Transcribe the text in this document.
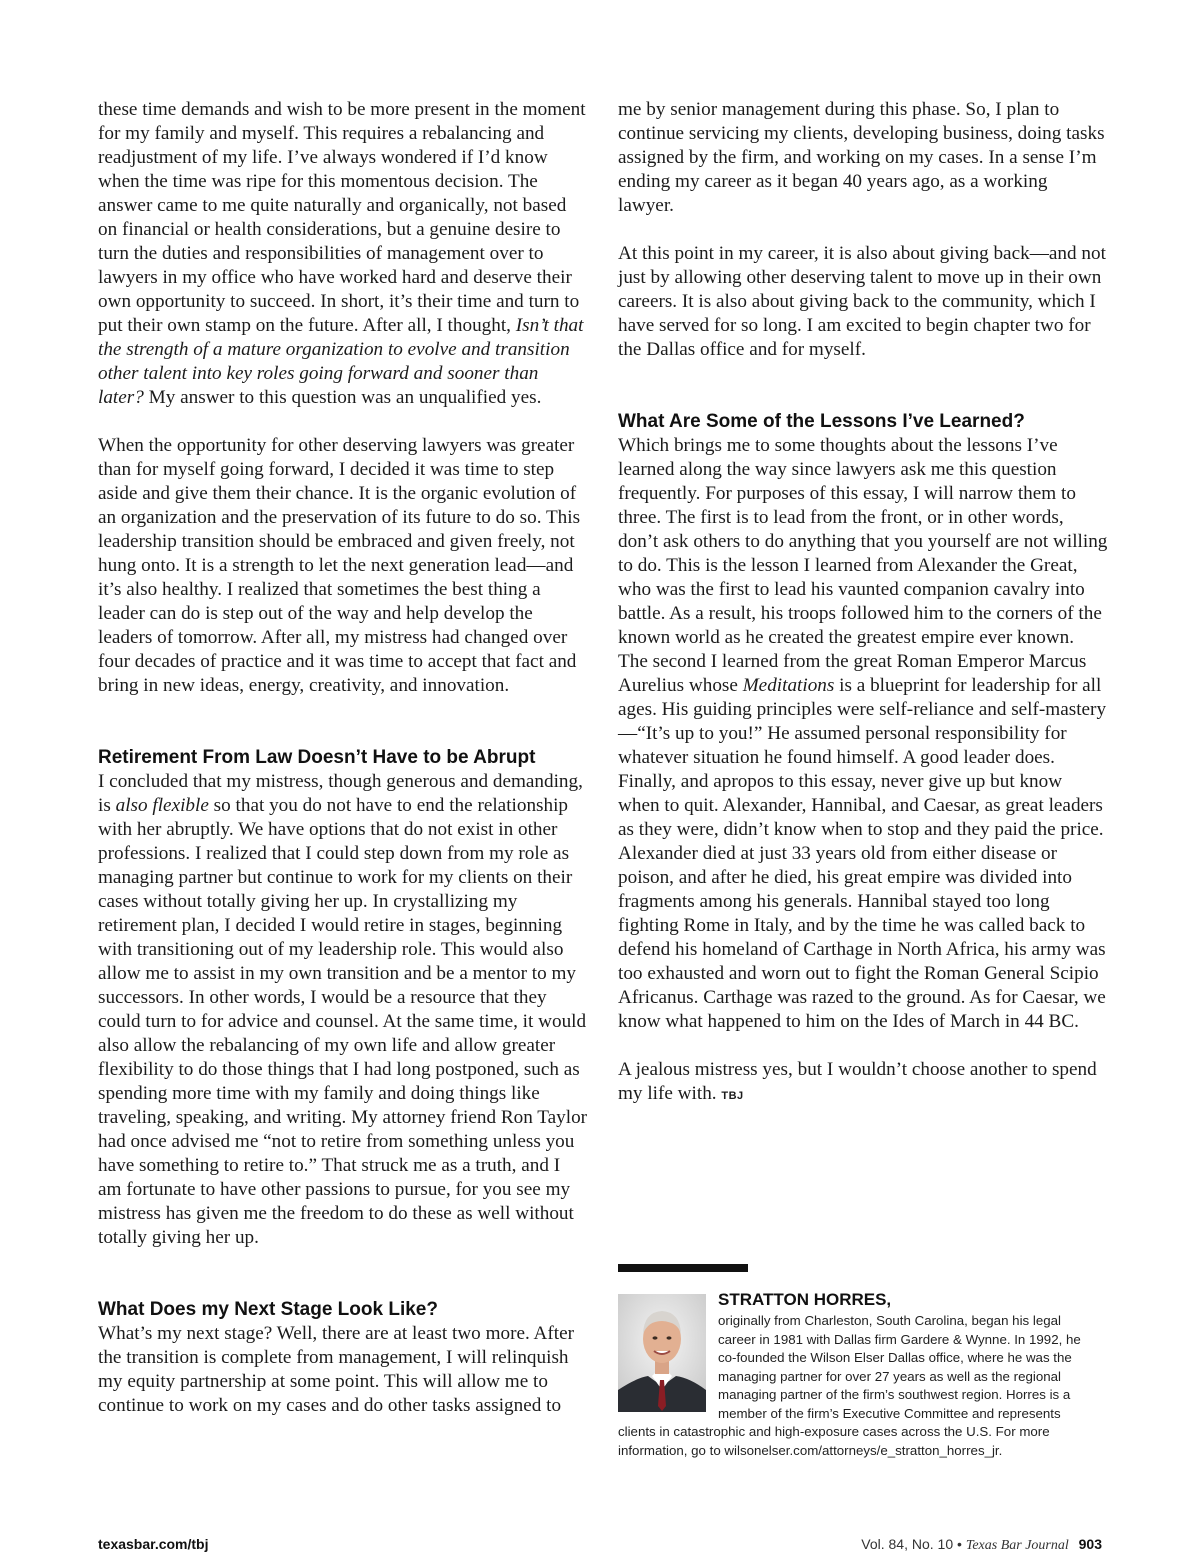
these time demands and wish to be more present in the moment for my family and myself. This requires a rebalancing and readjustment of my life. I’ve always wondered if I’d know when the time was ripe for this momentous decision. The answer came to me quite naturally and organically, not based on financial or health considerations, but a genuine desire to turn the duties and responsibilities of management over to lawyers in my office who have worked hard and deserve their own opportunity to succeed. In short, it’s their time and turn to put their own stamp on the future. After all, I thought, Isn’t that the strength of a mature organization to evolve and transition other talent into key roles going forward and sooner than later? My answer to this question was an unqualified yes.

When the opportunity for other deserving lawyers was greater than for myself going forward, I decided it was time to step aside and give them their chance. It is the organic evolution of an organization and the preservation of its future to do so. This leadership transition should be embraced and given freely, not hung onto. It is a strength to let the next generation lead—and it’s also healthy. I realized that sometimes the best thing a leader can do is step out of the way and help develop the leaders of tomorrow. After all, my mistress had changed over four decades of practice and it was time to accept that fact and bring in new ideas, energy, creativity, and innovation.

Retirement From Law Doesn’t Have to be Abrupt

I concluded that my mistress, though generous and demanding, is also flexible so that you do not have to end the relationship with her abruptly. We have options that do not exist in other professions. I realized that I could step down from my role as managing partner but continue to work for my clients on their cases without totally giving her up. In crystallizing my retirement plan, I decided I would retire in stages, beginning with transitioning out of my leadership role. This would also allow me to assist in my own transition and be a mentor to my successors. In other words, I would be a resource that they could turn to for advice and counsel. At the same time, it would also allow the rebalancing of my own life and allow greater flexibility to do those things that I had long postponed, such as spending more time with my family and doing things like traveling, speaking, and writing. My attorney friend Ron Taylor had once advised me “not to retire from something unless you have something to retire to.” That struck me as a truth, and I am fortunate to have other passions to pursue, for you see my mistress has given me the freedom to do these as well without totally giving her up.

What Does my Next Stage Look Like?

What’s my next stage? Well, there are at least two more. After the transition is complete from management, I will relinquish my equity partnership at some point. This will allow me to continue to work on my cases and do other tasks assigned to

me by senior management during this phase. So, I plan to continue servicing my clients, developing business, doing tasks assigned by the firm, and working on my cases. In a sense I’m ending my career as it began 40 years ago, as a working lawyer.

At this point in my career, it is also about giving back—and not just by allowing other deserving talent to move up in their own careers. It is also about giving back to the community, which I have served for so long. I am excited to begin chapter two for the Dallas office and for myself.

What Are Some of the Lessons I’ve Learned?

Which brings me to some thoughts about the lessons I’ve learned along the way since lawyers ask me this question frequently. For purposes of this essay, I will narrow them to three. The first is to lead from the front, or in other words, don’t ask others to do anything that you yourself are not willing to do. This is the lesson I learned from Alexander the Great, who was the first to lead his vaunted companion cavalry into battle. As a result, his troops followed him to the corners of the known world as he created the greatest empire ever known. The second I learned from the great Roman Emperor Marcus Aurelius whose Meditations is a blueprint for leadership for all ages. His guiding principles were self-reliance and self-mastery—“It’s up to you!” He assumed personal responsibility for whatever situation he found himself. A good leader does. Finally, and apropos to this essay, never give up but know when to quit. Alexander, Hannibal, and Caesar, as great leaders as they were, didn’t know when to stop and they paid the price. Alexander died at just 33 years old from either disease or poison, and after he died, his great empire was divided into fragments among his generals. Hannibal stayed too long fighting Rome in Italy, and by the time he was called back to defend his homeland of Carthage in North Africa, his army was too exhausted and worn out to fight the Roman General Scipio Africanus. Carthage was razed to the ground. As for Caesar, we know what happened to him on the Ides of March in 44 BC.

A jealous mistress yes, but I wouldn’t choose another to spend my life with. TBJ

STRATTON HORRES,
originally from Charleston, South Carolina, began his legal career in 1981 with Dallas firm Gardere & Wynne. In 1992, he co-founded the Wilson Elser Dallas office, where he was the managing partner for over 27 years as well as the regional managing partner of the firm’s southwest region. Horres is a member of the firm’s Executive Committee and represents clients in catastrophic and high-exposure cases across the U.S. For more information, go to wilsonelser.com/attorneys/e_stratton_horres_jr.
texasbar.com/tbj	Vol. 84, No. 10 • Texas Bar Journal 903
